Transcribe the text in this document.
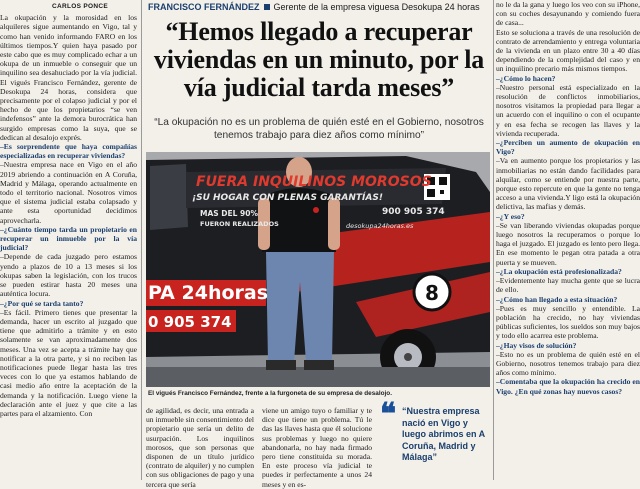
CARLOS PONCE

La okupación y la morosidad en los alquileres sigue aumentando en Vigo, tal y como han venido informando FARO en los últimos tiempos.Y quien haya pasado por este cabo que es muy complicado echar a un okupa de un inmueble o conseguir que un inquilino sea desahuciado por la vía judicial. El vigués Francisco Fernández, gerente de Desokupa 24 horas, considera que precisamente por el colapso judicial y por el hecho de que los propietarios “se ven indefensos” ante la demora burocrática han surgido empresas como la suya, que se dedican al desalojo exprés.

–Es sorprendente que haya compañías especializadas en recuperar viviendas?

–Nuestra empresa nace en Vigo en el año 2019 abriendo a continuación en A Coruña, Madrid y Málaga, operando actualmente en todo el territorio nacional. Nosotros vimos que el sistema judicial estaba colapsado y ante esta oportunidad decidimos aprovecharla.

–¿Cuánto tiempo tarda un propietario en recuperar un inmueble por la vía judicial?

–Depende de cada juzgado pero estamos yendo a plazos de 10 a 13 meses si los okupas saben la legislación, con los trucos se pueden estirar hasta 20 meses una auténtica locura.

–¿Por qué se tarda tanto?

–Es fácil. Primero tienes que presentar la demanda, hacer un escrito al juzgado que tiene que admitirlo a trámite y en esto solamente se van aproximadamente dos meses. Una vez se acepta a trámite hay que notificar a la otra parte, y si no reciben las notificaciones puede llegar hasta las tres veces con lo que ya estamos hablando de casi medio año entre la aceptación de la demanda y la notificación. Luego viene la declaración ante el juez y que cite a las partes para el alzamiento. Con

FRANCISCO FERNÁNDEZ Gerente de la empresa viguesa Desokupa 24 horas
“Hemos llegado a recuperar viviendas en un minuto, por la vía judicial tarda meses”
“La okupación no es un problema de quién esté en el Gobierno, nosotros tenemos trabajo para diez años como mínimo”
FUERA INQUILINOS MOROSOS
¡SU HOGAR CON PLENAS GARANTÍAS!
MAS DEL 90%
FUERON REALIZADOS
900 905 374
desokupa24horas.es
PA 24horas
0 905 374
8
El vigués Francisco Fernández, frente a la furgoneta de su empresa de desalojo.

de agilidad, es decir, una entrada a un inmueble sin consentimiento del propietario que sería un delito de usurpación. Los inquilinos morosos, que son personas que disponen de un título jurídico (contrato de alquiler) y no cumplen con sus obligaciones de pago y una tercera que sería

viene un amigo tuyo o familiar y te dice que tiene un problema. Tú le das las llaves hasta que él solucione sus problemas y luego no quiere abandonarla, no hay nada firmado pero tiene constituida su morada. En este proceso vía judicial te puedes ir perfectamente a unos 24 meses y en es-

❝ “Nuestra empresa nació en Vigo y luego abrimos en A Coruña, Madrid y Málaga”

no le da la gana y luego los veo con su iPhone, con su coches desayunando y comiendo fuera de casa...

Esto se soluciona a través de una resolución de contrato de arrendamiento y entrega voluntaria de la vivienda en un plazo entre 30 a 40 días dependiendo de la complejidad del caso y en un inquilino precario más mismos tiempos.

–¿Cómo lo hacen?

–Nuestro personal está especializado en la resolución de conflictos inmobiliarios, nosotros visitamos la propiedad para llegar a un acuerdo con el inquilino o con el ocupante y en esa fecha se recogen las llaves y la vivienda recuperada.

–¿Perciben un aumento de okupación en Vigo?

–Va en aumento porque los propietarios y las inmobiliarias no están dando facilidades para alquilar, como se entiende por nuestra parte, porque esto repercute en que la gente no tenga acceso a una vivienda.Y ligo está la okupación delictiva, las mafias y demás.

–¿Y eso?

–Se van liberando viviendas okupadas porque luego nosotros la recuperamos o porque lo haga el juzgado. El juzgado es lento pero llega. En ese momento le pegan otra patada a otra puerta y se mueven.

–¿La okupación está profesionalizada?

–Evidentemente hay mucha gente que se lucra de ello.

–¿Cómo han llegado a esta situación?

–Pues es muy sencillo y entendible. La población ha crecido, no hay viviendas públicas suficientes, los sueldos son muy bajos y todo ello acarrea este problema.

–¿Hay visos de solución?

–Esto no es un problema de quién esté en el Gobierno, nosotros tenemos trabajo para diez años como mínimo.

–Comentaba que la okupación ha crecido en Vigo. ¿En qué zonas hay nuevos casos?
